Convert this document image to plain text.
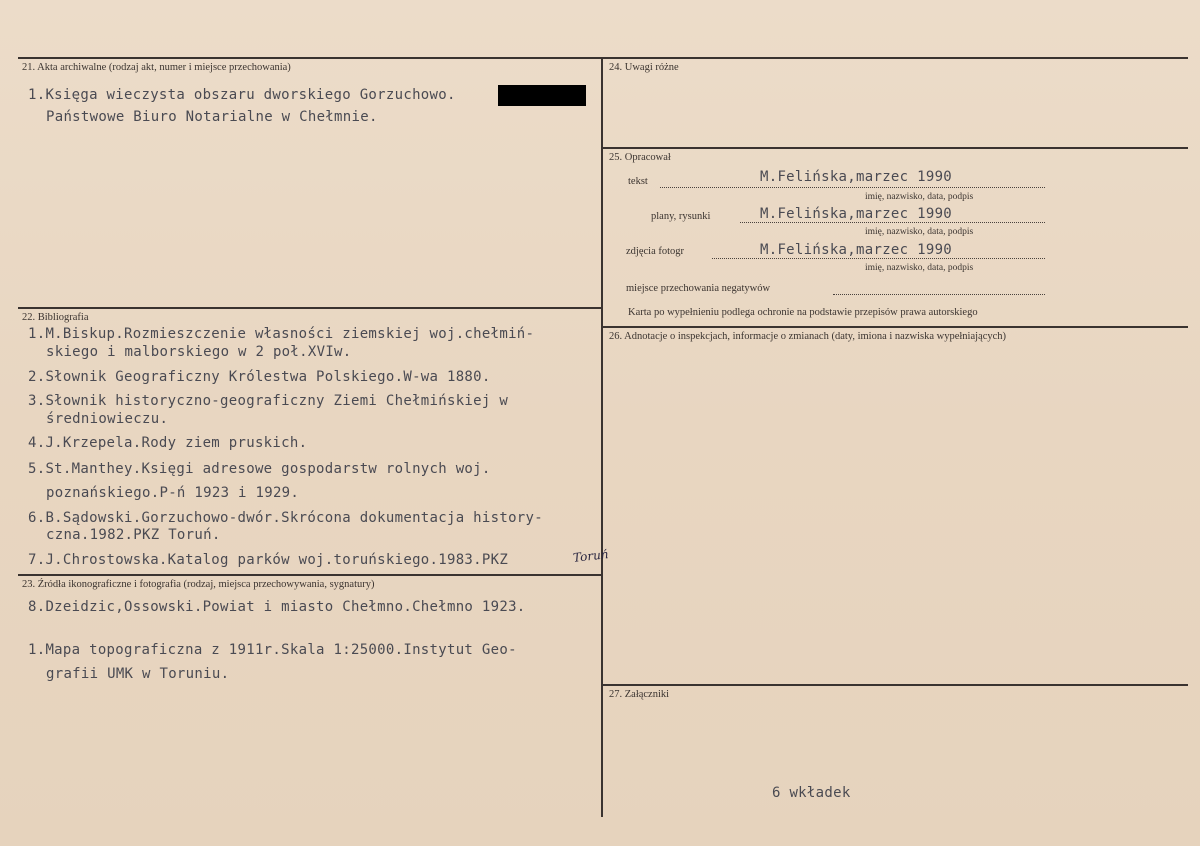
21. Akta archiwalne (rodzaj akt, numer i miejsce przechowania)
1.Księga wieczysta obszaru dworskiego Gorzuchowo.
Państwowe Biuro Notarialne w Chełmnie.
24. Uwagi różne
25. Opracował
tekst	M.Felińska,marzec 1990
imię, nazwisko, data, podpis
plany, rysunki	M.Felińska,marzec 1990
imię, nazwisko, data, podpis
zdjęcia fotogr	M.Felińska,marzec 1990
imię, nazwisko, data, podpis
miejsce przechowania negatywów
Karta po wypełnieniu podlega ochronie na podstawie przepisów prawa autorskiego
22. Bibliografia
1.M.Biskup.Rozmieszczenie własności ziemskiej woj.chełmiń-
skiego i malborskiego w 2 poł.XVIw.
2.Słownik Geograficzny Królestwa Polskiego.W-wa 1880.
3.Słownik historyczno-geograficzny Ziemi Chełmińskiej w
średniowieczu.
4.J.Krzepela.Rody ziem pruskich.
5.St.Manthey.Księgi adresowe gospodarstw rolnych woj.
poznańskiego.P-ń 1923 i 1929.
6.B.Sądowski.Gorzuchowo-dwór.Skrócona dokumentacja history-
czna.1982.PKZ Toruń.
7.J.Chrostowska.Katalog parków woj.toruńskiego.1983.PKZ	Toruń
23. Źródła ikonograficzne i fotografia (rodzaj, miejsca przechowywania, sygnatury)
8.Dzeidzic,Ossowski.Powiat i miasto Chełmno.Chełmno 1923.
1.Mapa topograficzna z 1911r.Skala 1:25000.Instytut Geo-
grafii UMK w Toruniu.
26. Adnotacje o inspekcjach, informacje o zmianach (daty, imiona i nazwiska wypełniających)
27. Załączniki
6 wkładek
